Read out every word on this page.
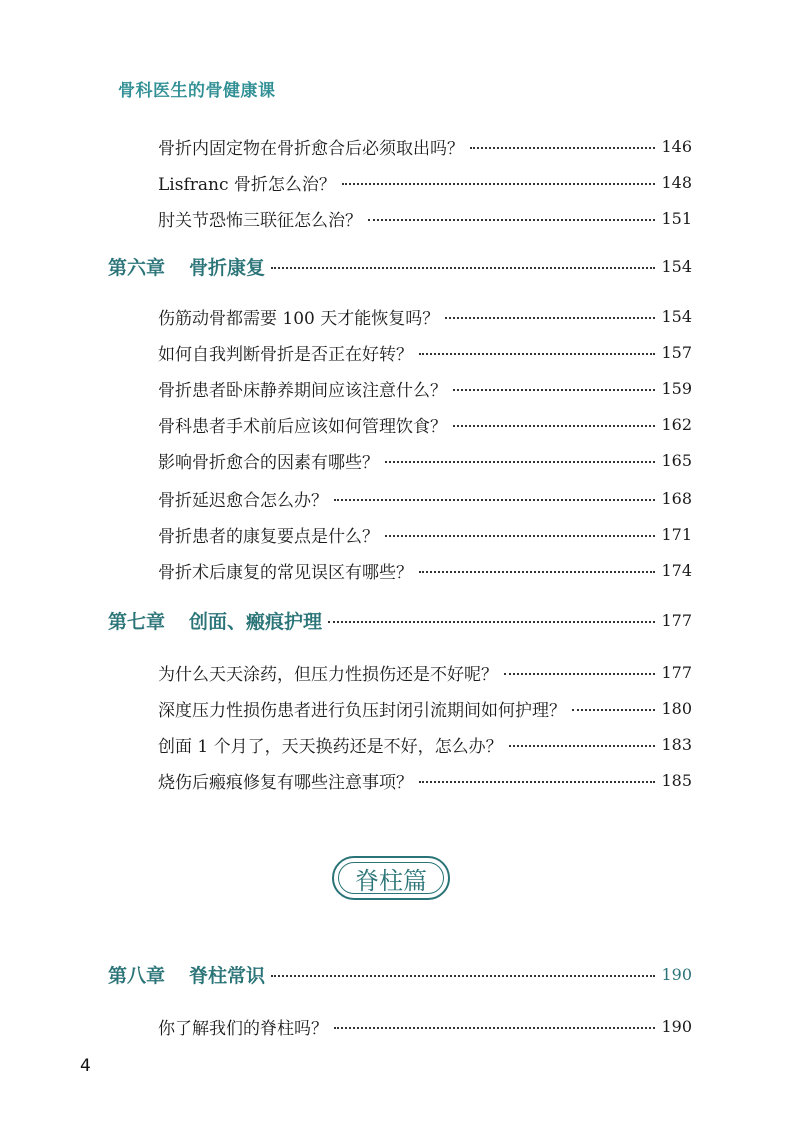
骨科医生的骨健康课
骨折内固定物在骨折愈合后必须取出吗？	146
Lisfranc 骨折怎么治？	148
肘关节恐怖三联征怎么治？	151
第六章 骨折康复	154
伤筋动骨都需要 100 天才能恢复吗？	154
如何自我判断骨折是否正在好转？	157
骨折患者卧床静养期间应该注意什么？	159
骨科患者手术前后应该如何管理饮食？	162
影响骨折愈合的因素有哪些？	165
骨折延迟愈合怎么办？	168
骨折患者的康复要点是什么？	171
骨折术后康复的常见误区有哪些？	174
第七章 创面、瘢痕护理	177
为什么天天涂药，但压力性损伤还是不好呢？	177
深度压力性损伤患者进行负压封闭引流期间如何护理？	180
创面 1 个月了，天天换药还是不好，怎么办？	183
烧伤后瘢痕修复有哪些注意事项？	185
脊柱篇
第八章 脊柱常识	190
你了解我们的脊柱吗？	190
4
